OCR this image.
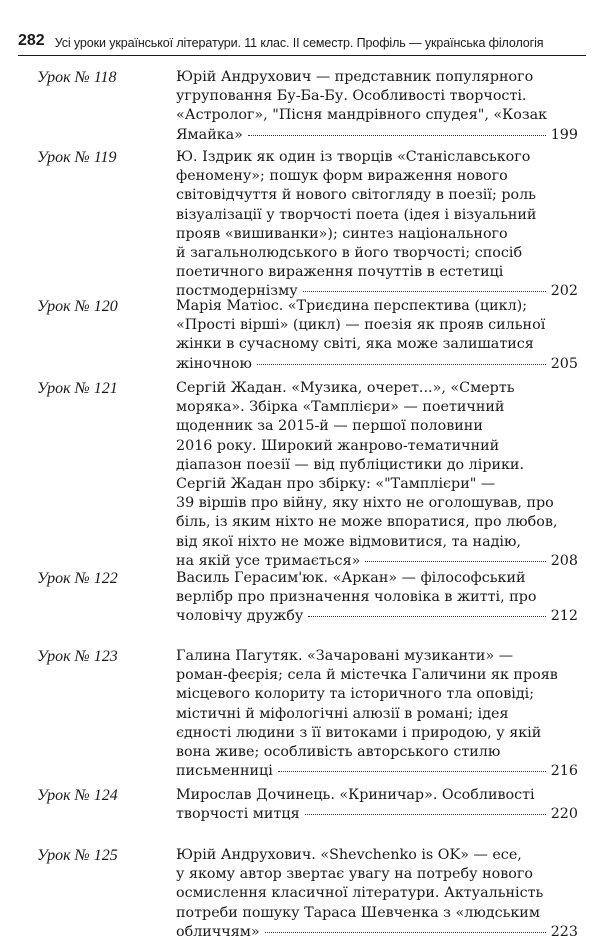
282 Усі уроки української літератури. 11 клас. ІІ семестр. Профіль — українська філологія
Урок № 118	Юрій Андрухович — представник популярного
угруповання Бу-Ба-Бу. Особливості творчості.
«Астролог», "Пісня мандрівного спудея", «Козак
Ямайка»	199
Урок № 119	Ю. Іздрик як один із творців «Станіславського
феномену»; пошук форм вираження нового
світовідчуття й нового світогляду в поезії; роль
візуалізації у творчості поета (ідея і візуальний
прояв «вишиванки»); синтез національного
й загальнолюдського в його творчості; спосіб
поетичного вираження почуттів в естетиці
постмодернізму	202
Урок № 120	Марія Матіос. «Триєдина перспектива (цикл);
«Прості вірші» (цикл) — поезія як прояв сильної
жінки в сучасному світі, яка може залишатися
жіночною	205
Урок № 121	Сергій Жадан. «Музика, очерет...», «Смерть
моряка». Збірка «Тамплієри» — поетичний
щоденник за 2015-й — першої половини
2016 року. Широкий жанрово-тематичний
діапазон поезії — від публіцистики до лірики.
Сергій Жадан про збірку: «"Тамплієри" —
39 віршів про війну, яку ніхто не оголошував, про
біль, із яким ніхто не може впоратися, про любов,
від якої ніхто не може відмовитися, та надію,
на якій усе тримається»	208
Урок № 122	Василь Герасим'юк. «Аркан» — філософський
верлібр про призначення чоловіка в житті, про
чоловічу дружбу	212
Урок № 123	Галина Пагутяк. «Зачаровані музиканти» —
роман-феєрія; села й містечка Галичини як прояв
місцевого колориту та історичного тла оповіді;
містичні й міфологічні алюзії в романі; ідея
єдності людини з її витоками і природою, у якій
вона живе; особливість авторського стилю
письменниці	216
Урок № 124	Мирослав Дочинець. «Криничар». Особливості
творчості митця	220
Урок № 125	Юрій Андрухович. «Shevchenko is OK» — есе,
у якому автор звертає увагу на потребу нового
осмислення класичної літератури. Актуальність
потреби пошуку Тараса Шевченка з «людським
обличчям»	223
